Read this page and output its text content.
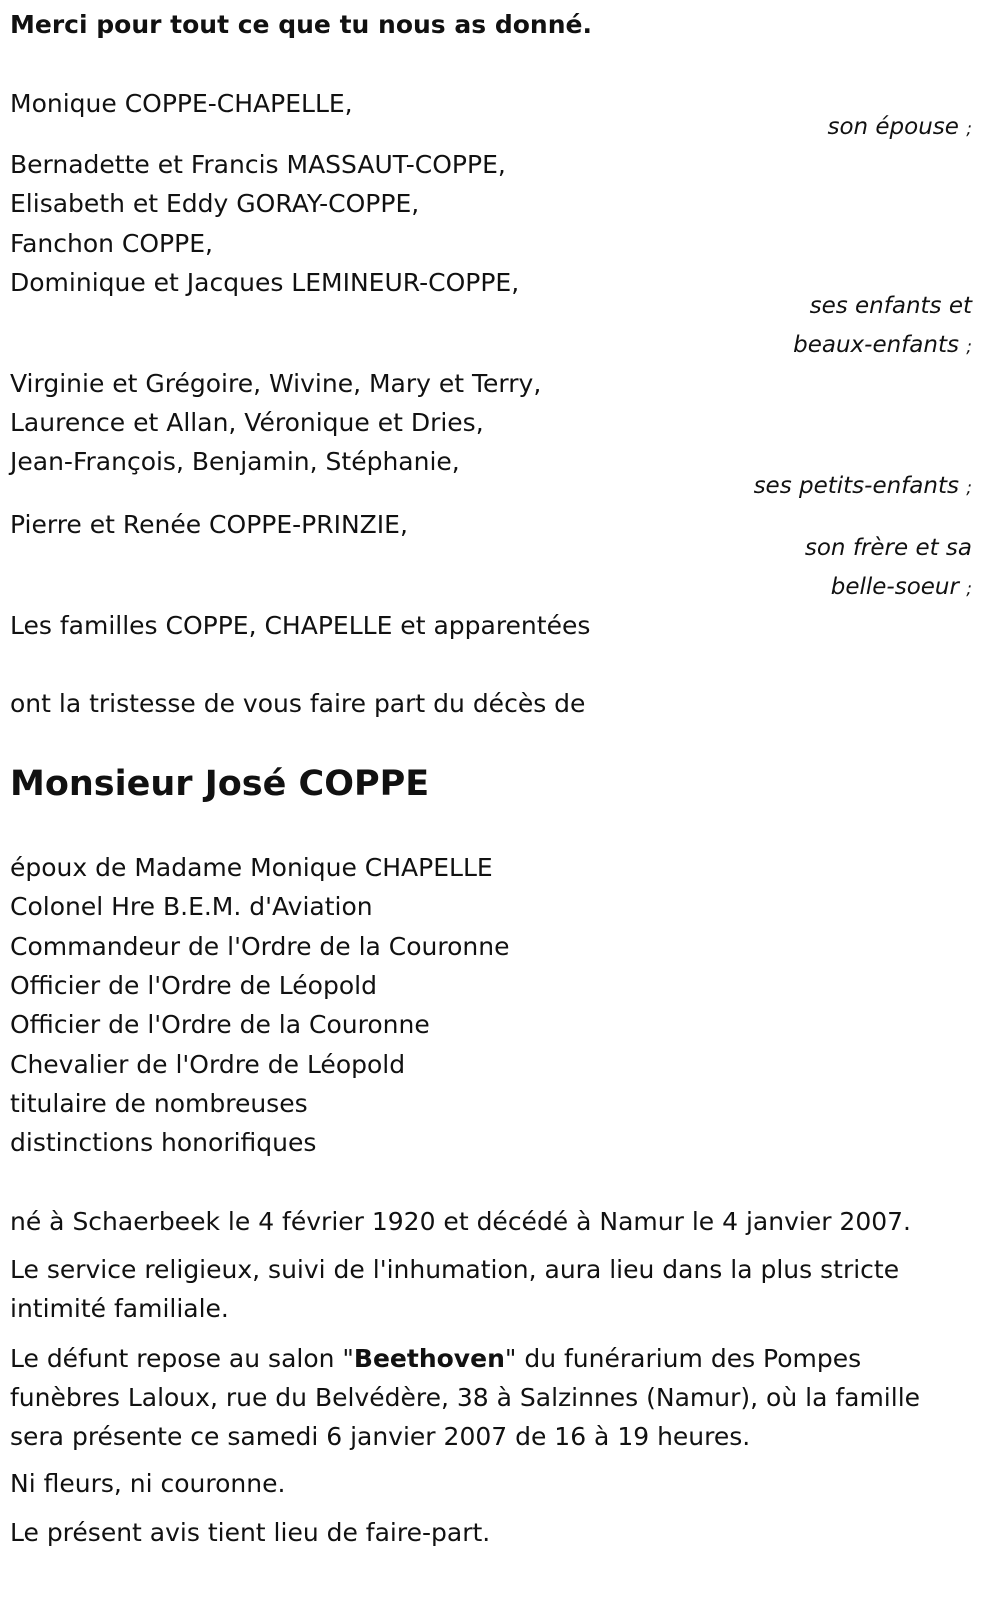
Merci pour tout ce que tu nous as donné.

Monique COPPE-CHAPELLE,

son épouse ;

Bernadette et Francis MASSAUT-COPPE,

Elisabeth et Eddy GORAY-COPPE,

Fanchon COPPE,

Dominique et Jacques LEMINEUR-COPPE,

ses enfants et

beaux-enfants ;

Virginie et Grégoire, Wivine, Mary et Terry,

Laurence et Allan, Véronique et Dries,

Jean-François, Benjamin, Stéphanie,

ses petits-enfants ;

Pierre et Renée COPPE-PRINZIE,

son frère et sa

belle-soeur ;

Les familles COPPE, CHAPELLE et apparentées

ont la tristesse de vous faire part du décès de

Monsieur José COPPE

époux de Madame Monique CHAPELLE

Colonel Hre B.E.M. d'Aviation

Commandeur de l'Ordre de la Couronne

Officier de l'Ordre de Léopold

Officier de l'Ordre de la Couronne

Chevalier de l'Ordre de Léopold

titulaire de nombreuses

distinctions honorifiques

né à Schaerbeek le 4 février 1920 et décédé à Namur le 4 janvier 2007.

Le service religieux, suivi de l'inhumation, aura lieu dans la plus stricte intimité familiale.

Le défunt repose au salon "Beethoven" du funérarium des Pompes funèbres Laloux, rue du Belvédère, 38 à Salzinnes (Namur), où la famille sera présente ce samedi 6 janvier 2007 de 16 à 19 heures.

Ni fleurs, ni couronne.

Le présent avis tient lieu de faire-part.
